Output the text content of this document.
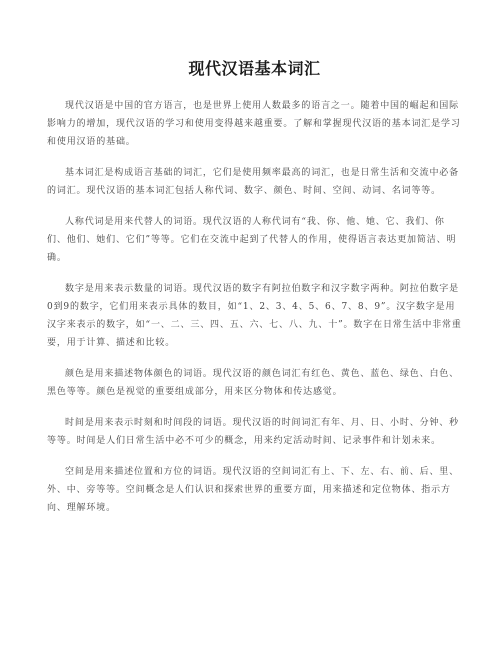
现代汉语基本词汇

现代汉语是中国的官方语言，也是世界上使用人数最多的语言之一。随着中国的崛起和国际影响力的增加，现代汉语的学习和使用变得越来越重要。了解和掌握现代汉语的基本词汇是学习和使用汉语的基础。

基本词汇是构成语言基础的词汇，它们是使用频率最高的词汇，也是日常生活和交流中必备的词汇。现代汉语的基本词汇包括人称代词、数字、颜色、时间、空间、动词、名词等等。

人称代词是用来代替人的词语。现代汉语的人称代词有“我、你、他、她、它、我们、你们、他们、她们、它们”等等。它们在交流中起到了代替人的作用，使得语言表达更加简洁、明确。

数字是用来表示数量的词语。现代汉语的数字有阿拉伯数字和汉字数字两种。阿拉伯数字是0到9的数字，它们用来表示具体的数目，如“1、2、3、4、5、6、7、8、9”。汉字数字是用汉字来表示的数字，如“一、二、三、四、五、六、七、八、九、十”。数字在日常生活中非常重要，用于计算、描述和比较。

颜色是用来描述物体颜色的词语。现代汉语的颜色词汇有红色、黄色、蓝色、绿色、白色、黑色等等。颜色是视觉的重要组成部分，用来区分物体和传达感觉。

时间是用来表示时刻和时间段的词语。现代汉语的时间词汇有年、月、日、小时、分钟、秒等等。时间是人们日常生活中必不可少的概念，用来约定活动时间、记录事件和计划未来。

空间是用来描述位置和方位的词语。现代汉语的空间词汇有上、下、左、右、前、后、里、外、中、旁等等。空间概念是人们认识和探索世界的重要方面，用来描述和定位物体、指示方向、理解环境。
